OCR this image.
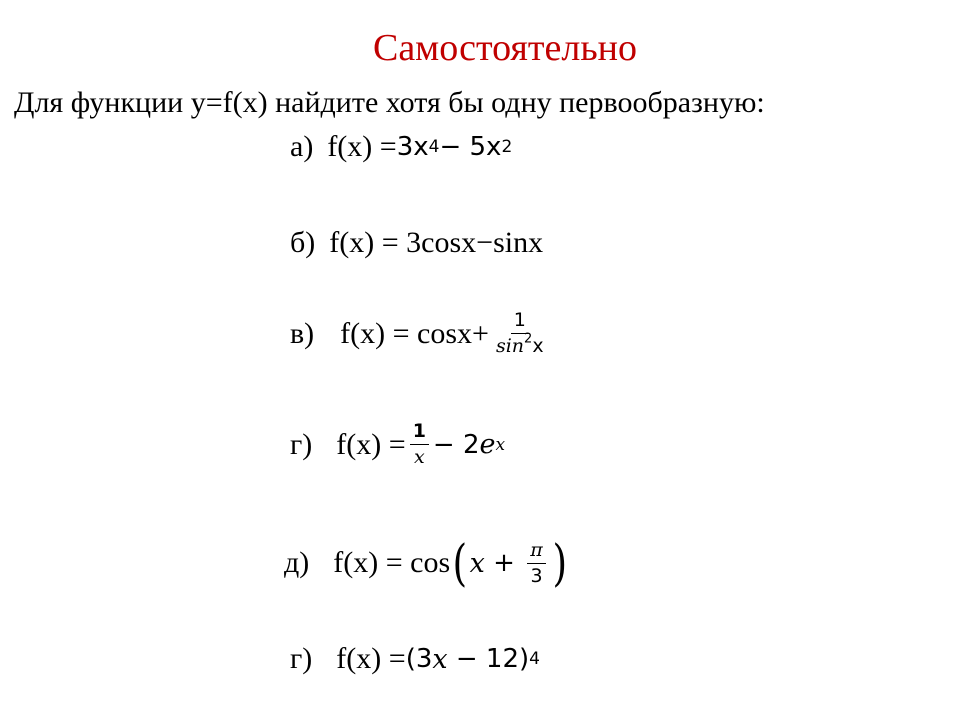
Самостоятельно
Для функции y=f(x) найдите хотя бы одну первообразную:
а) f(x) = 3x 4 − 5x 2
б) f(x) = 3cosx −sinx
в) $f(x) = \cos x+ \frac{1}{\sin^2x}$
г) $f(x) = \frac{1}{x} - 2$ e x
д) f(x) = cos ( $x + \frac{\pi}{3}$ )
г) f(x) = (3 x − 12) 4
